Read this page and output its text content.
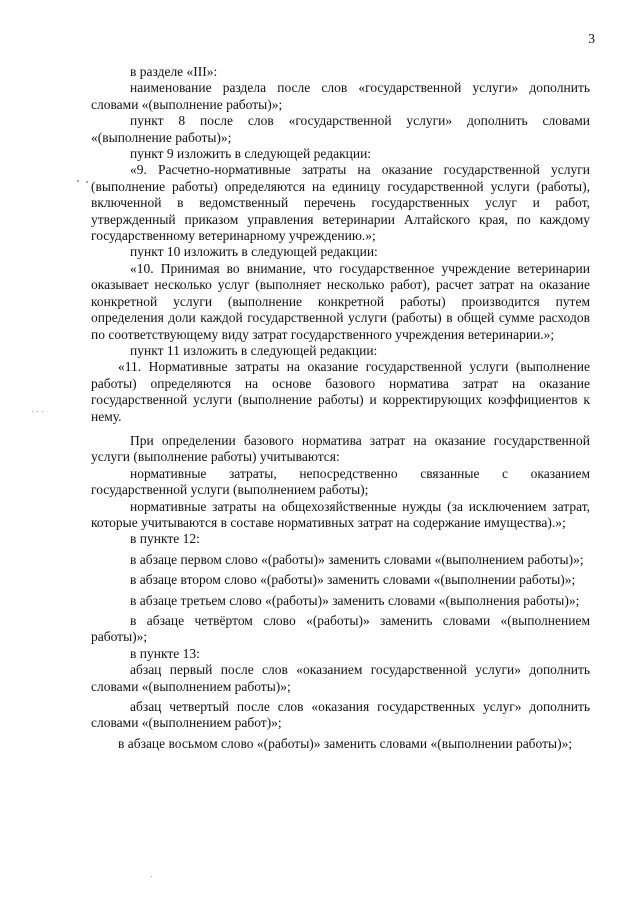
3

в разделе «III»:

наименование раздела после слов «государственной услуги» дополнить словами «(выполнение работы)»;

пункт 8 после слов «государственной услуги» дополнить словами «(выполнение работы)»;

пункт 9 изложить в следующей редакции:

«9. Расчетно-нормативные затраты на оказание государственной услуги (выполнение работы) определяются на единицу государственной услуги (работы), включенной в ведомственный перечень государственных услуг и работ, утвержденный приказом управления ветеринарии Алтайского края, по каждому государственному ветеринарному учреждению.»;

пункт 10 изложить в следующей редакции:

«10. Принимая во внимание, что государственное учреждение ветеринарии оказывает несколько услуг (выполняет несколько работ), расчет затрат на оказание конкретной услуги (выполнение конкретной работы) производится путем определения доли каждой государственной услуги (работы) в общей сумме расходов по соответствующему виду затрат государственного учреждения ветеринарии.»;

пункт 11 изложить в следующей редакции:

«11. Нормативные затраты на оказание государственной услуги (выполнение работы) определяются на основе базового норматива затрат на оказание государственной услуги (выполнение работы) и корректирующих коэффициентов к нему.

При определении базового норматива затрат на оказание государственной услуги (выполнение работы) учитываются:

нормативные затраты, непосредственно связанные с оказанием государственной услуги (выполнением работы);

нормативные затраты на общехозяйственные нужды (за исключением затрат, которые учитываются в составе нормативных затрат на содержание имущества).»;

в пункте 12:

в абзаце первом слово «(работы)» заменить словами «(выполнением работы)»;

в абзаце втором слово «(работы)» заменить словами «(выполнении работы)»;

в абзаце третьем слово «(работы)» заменить словами «(выполнения работы)»;

в абзаце четвёртом слово «(работы)» заменить словами «(выполнением работы)»;

в пункте 13:

абзац первый после слов «оказанием государственной услуги» дополнить словами «(выполнением работы)»;

абзац четвертый после слов «оказания государственных услуг» дополнить словами «(выполнением работ)»;

в абзаце восьмом слово «(работы)» заменить словами «(выполнении работы)»;
